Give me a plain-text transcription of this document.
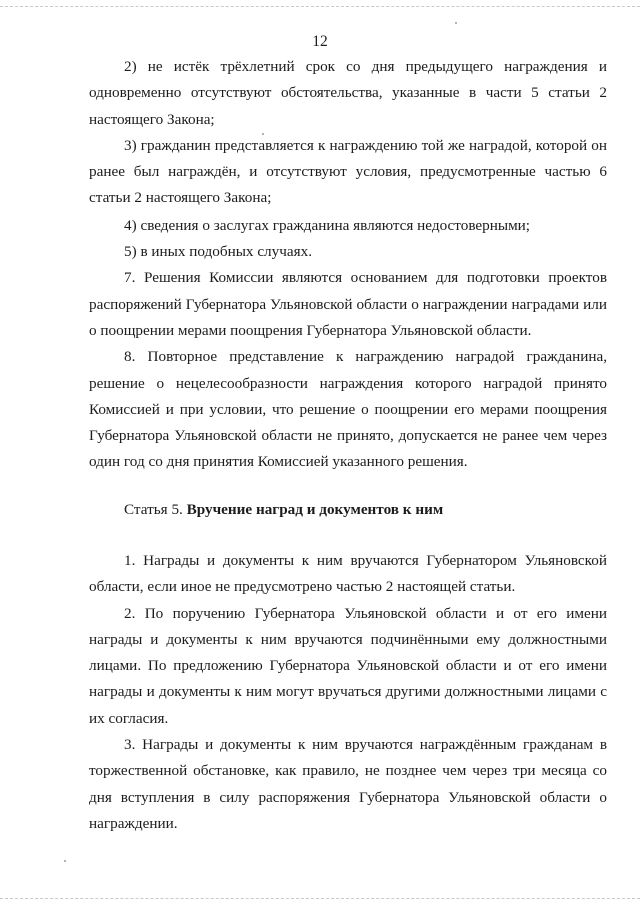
12

2) не истёк трёхлетний срок со дня предыдущего награждения и одновременно отсутствуют обстоятельства, указанные в части 5 статьи 2 настоящего Закона;

3) гражданин представляется к награждению той же наградой, которой он ранее был награждён, и отсутствуют условия, предусмотренные частью 6 статьи 2 настоящего Закона;

4) сведения о заслугах гражданина являются недостоверными;

5) в иных подобных случаях.

7. Решения Комиссии являются основанием для подготовки проектов распоряжений Губернатора Ульяновской области о награждении наградами или о поощрении мерами поощрения Губернатора Ульяновской области.

8. Повторное представление к награждению наградой гражданина, решение о нецелесообразности награждения которого наградой принято Комиссией и при условии, что решение о поощрении его мерами поощрения Губернатора Ульяновской области не принято, допускается не ранее чем через один год со дня принятия Комиссией указанного решения.

Статья 5. Вручение наград и документов к ним

1. Награды и документы к ним вручаются Губернатором Ульяновской области, если иное не предусмотрено частью 2 настоящей статьи.

2. По поручению Губернатора Ульяновской области и от его имени награды и документы к ним вручаются подчинёнными ему должностными лицами. По предложению Губернатора Ульяновской области и от его имени награды и документы к ним могут вручаться другими должностными лицами с их согласия.

3. Награды и документы к ним вручаются награждённым гражданам в торжественной обстановке, как правило, не позднее чем через три месяца со дня вступления в силу распоряжения Губернатора Ульяновской области о награждении.
